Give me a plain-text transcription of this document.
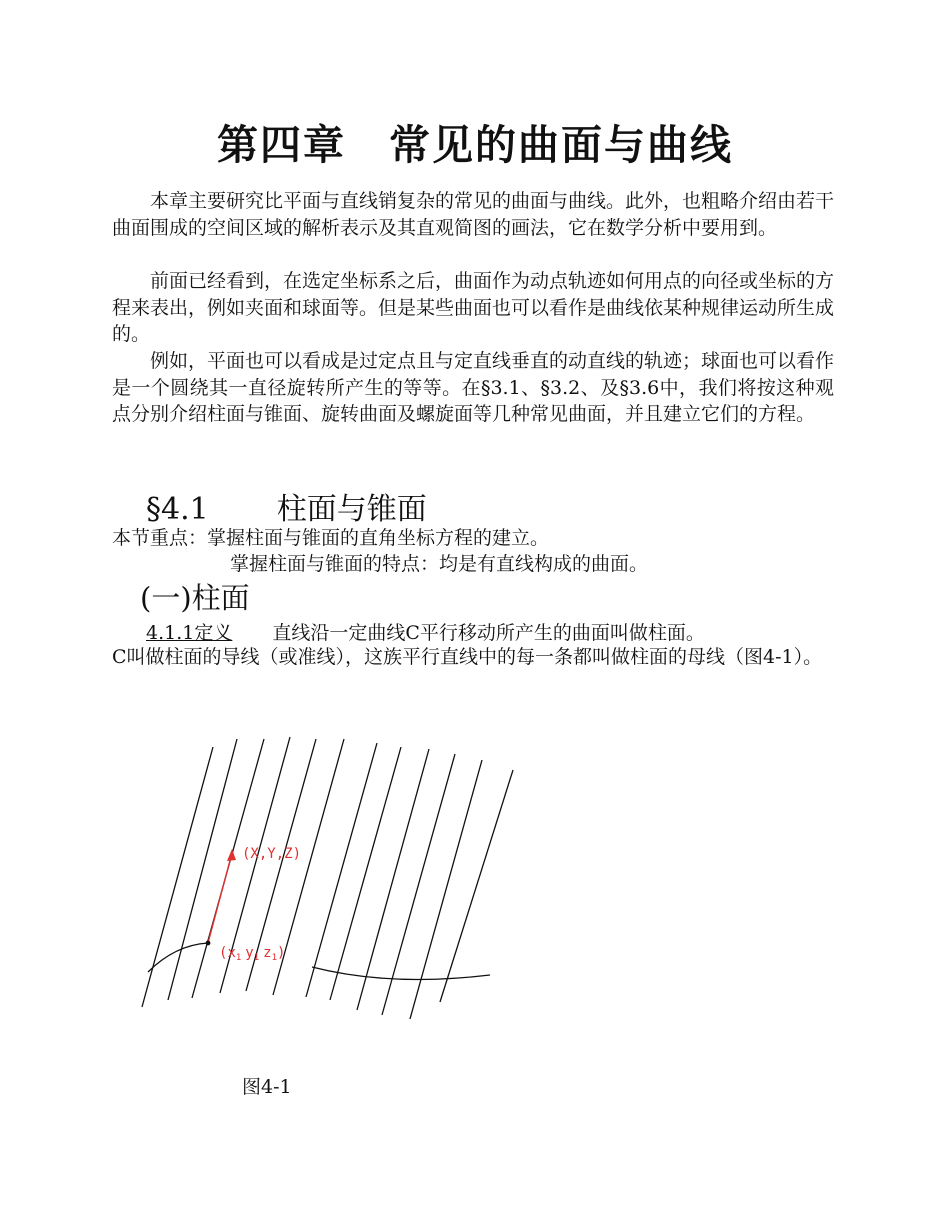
第四章　常见的曲面与曲线

本章主要研究比平面与直线销复杂的常见的曲面与曲线。此外，也粗略介绍由若干曲面围成的空间区域的解析表示及其直观简图的画法，它在数学分析中要用到。

前面已经看到，在选定坐标系之后，曲面作为动点轨迹如何用点的向径或坐标的方程来表出，例如夹面和球面等。但是某些曲面也可以看作是曲线依某种规律运动所生成的。

例如，平面也可以看成是过定点且与定直线垂直的动直线的轨迹；球面也可以看作是一个圆绕其一直径旋转所产生的等等。在§3.1、§3.2、及§3.6中，我们将按这种观点分别介绍柱面与锥面、旋转曲面及螺旋面等几种常见曲面，并且建立它们的方程。

§4.1 柱面与锥面
本节重点：掌握柱面与锥面的直角坐标方程的建立。
掌握柱面与锥面的特点：均是有直线构成的曲面。
(一)柱面
4.1.1定义 直线沿一定曲线C平行移动所产生的曲面叫做柱面。

C叫做柱面的导线（或准线），这族平行直线中的每一条都叫做柱面的母线（图4-1）。

(X,Y,Z)
($x_1$ $y_1$ $z_1$)
图4-1
